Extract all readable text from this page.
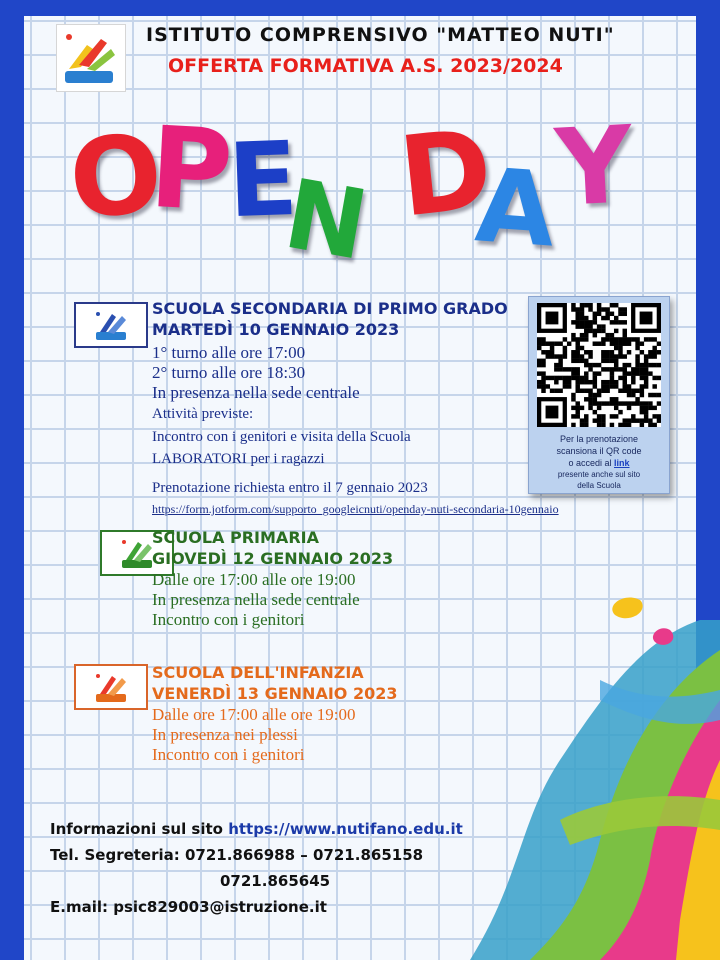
ISTITUTO COMPRENSIVO "MATTEO NUTI"
OFFERTA FORMATIVA A.S. 2023/2024
O
P
E
N D
A
Y
SCUOLA SECONDARIA DI PRIMO GRADO
MARTEDÌ 10 GENNAIO 2023
1° turno alle ore 17:00
2° turno alle ore 18:30
In presenza nella sede centrale
Attività previste:
Incontro con i genitori e visita della Scuola
LABORATORI per i ragazzi
Prenotazione richiesta entro il 7 gennaio 2023
https://form.jotform.com/supporto_googleicnuti/openday-nuti-secondaria-10gennaio
Per la prenotazione
scansiona il QR code
o accedi al link
presente anche sul sito
della Scuola
SCUOLA PRIMARIA
GIOVEDÌ 12 GENNAIO 2023
Dalle ore 17:00 alle ore 19:00
In presenza nella sede centrale
Incontro con i genitori
SCUOLA DELL'INFANZIA
VENERDÌ 13 GENNAIO 2023
Dalle ore 17:00 alle ore 19:00
In presenza nei plessi
Incontro con i genitori
Informazioni sul sito https://www.nutifano.edu.it
Tel. Segreteria: 0721.866988 – 0721.865158
0721.865645
E.mail: psic829003@istruzione.it
